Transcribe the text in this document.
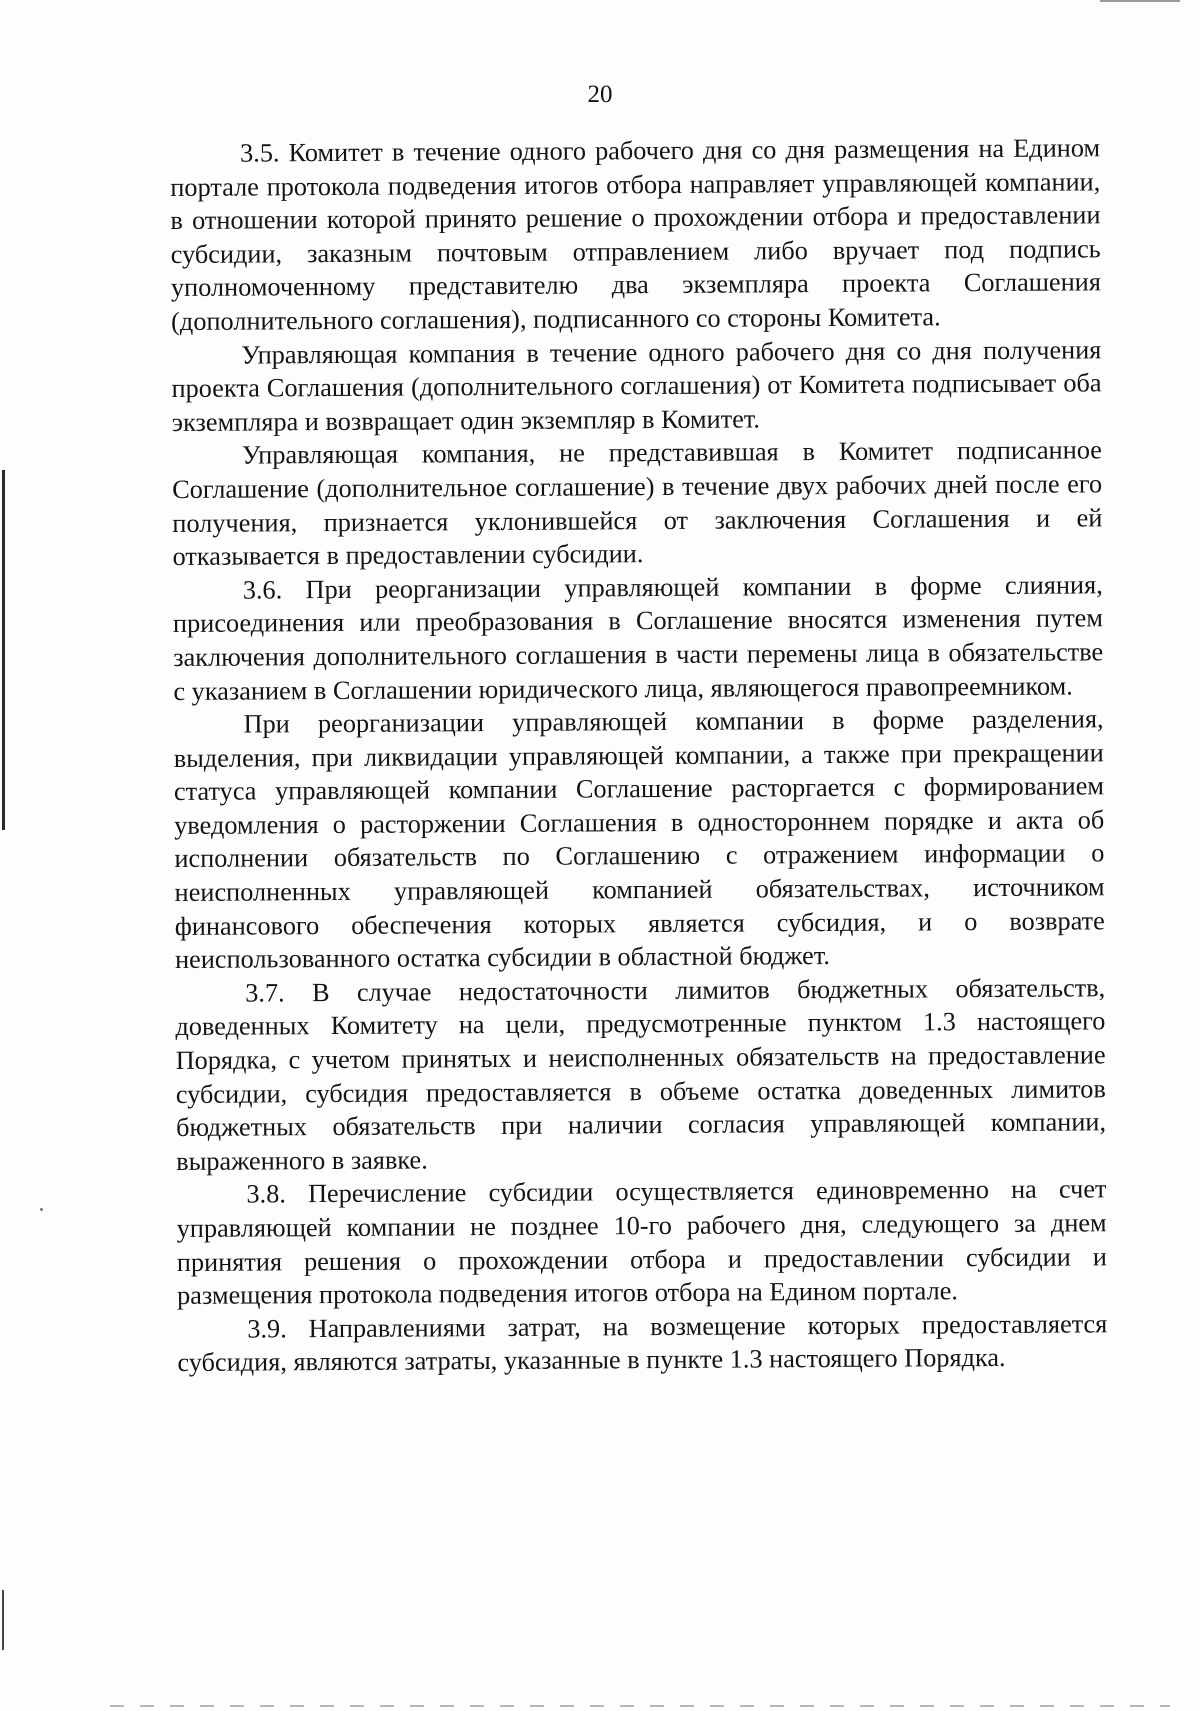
20

3.5. Комитет в течение одного рабочего дня со дня размещения на Едином портале протокола подведения итогов отбора направляет управляющей компании, в отношении которой принято решение о прохождении отбора и предоставлении субсидии, заказным почтовым отправлением либо вручает под подпись уполномоченному представителю два экземпляра проекта Соглашения (дополнительного соглашения), подписанного со стороны Комитета.

Управляющая компания в течение одного рабочего дня со дня получения проекта Соглашения (дополнительного соглашения) от Комитета подписывает оба экземпляра и возвращает один экземпляр в Комитет.

Управляющая компания, не представившая в Комитет подписанное Соглашение (дополнительное соглашение) в течение двух рабочих дней после его получения, признается уклонившейся от заключения Соглашения и ей отказывается в предоставлении субсидии.

3.6. При реорганизации управляющей компании в форме слияния, присоединения или преобразования в Соглашение вносятся изменения путем заключения дополнительного соглашения в части перемены лица в обязательстве с указанием в Соглашении юридического лица, являющегося правопреемником.

При реорганизации управляющей компании в форме разделения, выделения, при ликвидации управляющей компании, а также при прекращении статуса управляющей компании Соглашение расторгается с формированием уведомления о расторжении Соглашения в одностороннем порядке и акта об исполнении обязательств по Соглашению с отражением информации о неисполненных управляющей компанией обязательствах, источником финансового обеспечения которых является субсидия, и о возврате неиспользованного остатка субсидии в областной бюджет.

3.7. В случае недостаточности лимитов бюджетных обязательств, доведенных Комитету на цели, предусмотренные пунктом 1.3 настоящего Порядка, с учетом принятых и неисполненных обязательств на предоставление субсидии, субсидия предоставляется в объеме остатка доведенных лимитов бюджетных обязательств при наличии согласия управляющей компании, выраженного в заявке.

3.8. Перечисление субсидии осуществляется единовременно на счет управляющей компании не позднее 10-го рабочего дня, следующего за днем принятия решения о прохождении отбора и предоставлении субсидии и размещения протокола подведения итогов отбора на Едином портале.

3.9. Направлениями затрат, на возмещение которых предоставляется субсидия, являются затраты, указанные в пункте 1.3 настоящего Порядка.
